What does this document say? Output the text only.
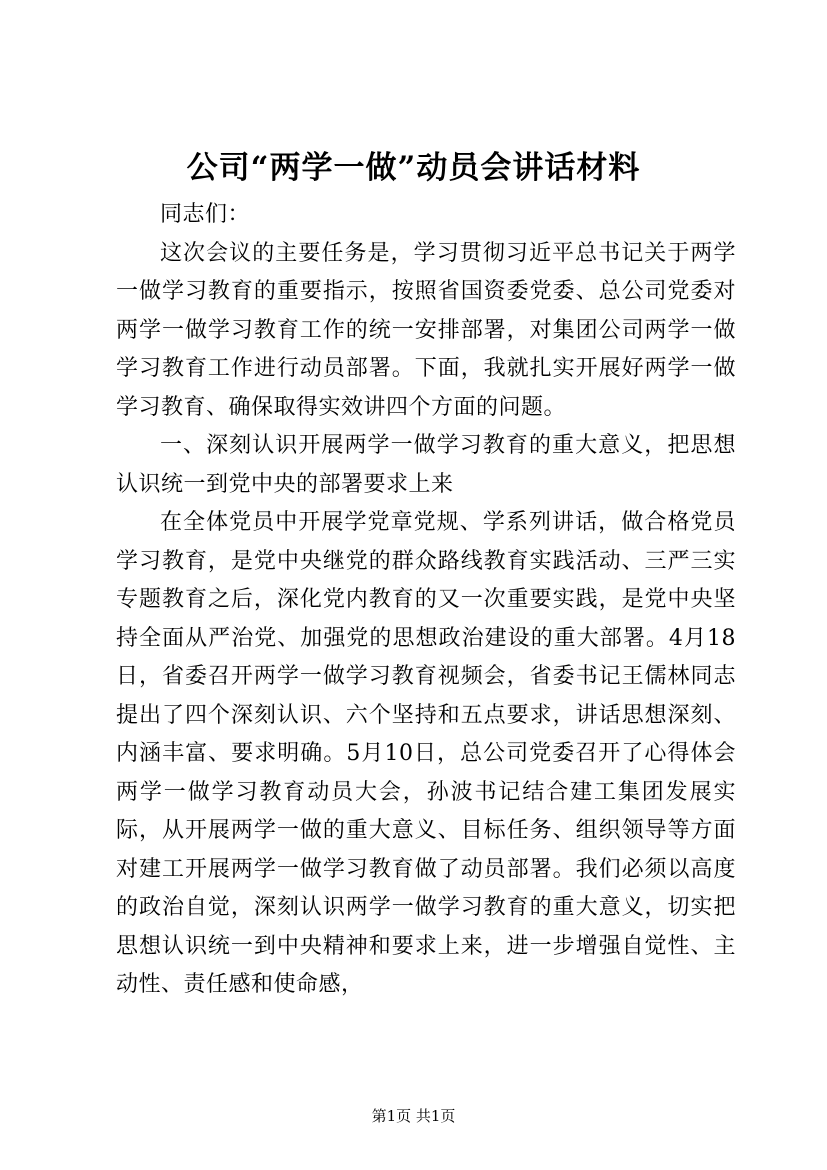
公司“两学一做”动员会讲话材料

同志们：

这次会议的主要任务是，学习贯彻习近平总书记关于两学一做学习教育的重要指示，按照省国资委党委、总公司党委对两学一做学习教育工作的统一安排部署，对集团公司两学一做学习教育工作进行动员部署。下面，我就扎实开展好两学一做学习教育、确保取得实效讲四个方面的问题。

一、深刻认识开展两学一做学习教育的重大意义，把思想认识统一到党中央的部署要求上来

在全体党员中开展学党章党规、学系列讲话，做合格党员学习教育，是党中央继党的群众路线教育实践活动、三严三实专题教育之后，深化党内教育的又一次重要实践，是党中央坚持全面从严治党、加强党的思想政治建设的重大部署。4月18日，省委召开两学一做学习教育视频会，省委书记王儒林同志提出了四个深刻认识、六个坚持和五点要求，讲话思想深刻、内涵丰富、要求明确。5月10日，总公司党委召开了心得体会两学一做学习教育动员大会，孙波书记结合建工集团发展实际，从开展两学一做的重大意义、目标任务、组织领导等方面对建工开展两学一做学习教育做了动员部署。我们必须以高度的政治自觉，深刻认识两学一做学习教育的重大意义，切实把思想认识统一到中央精神和要求上来，进一步增强自觉性、主动性、责任感和使命感，

第1页 共1页
